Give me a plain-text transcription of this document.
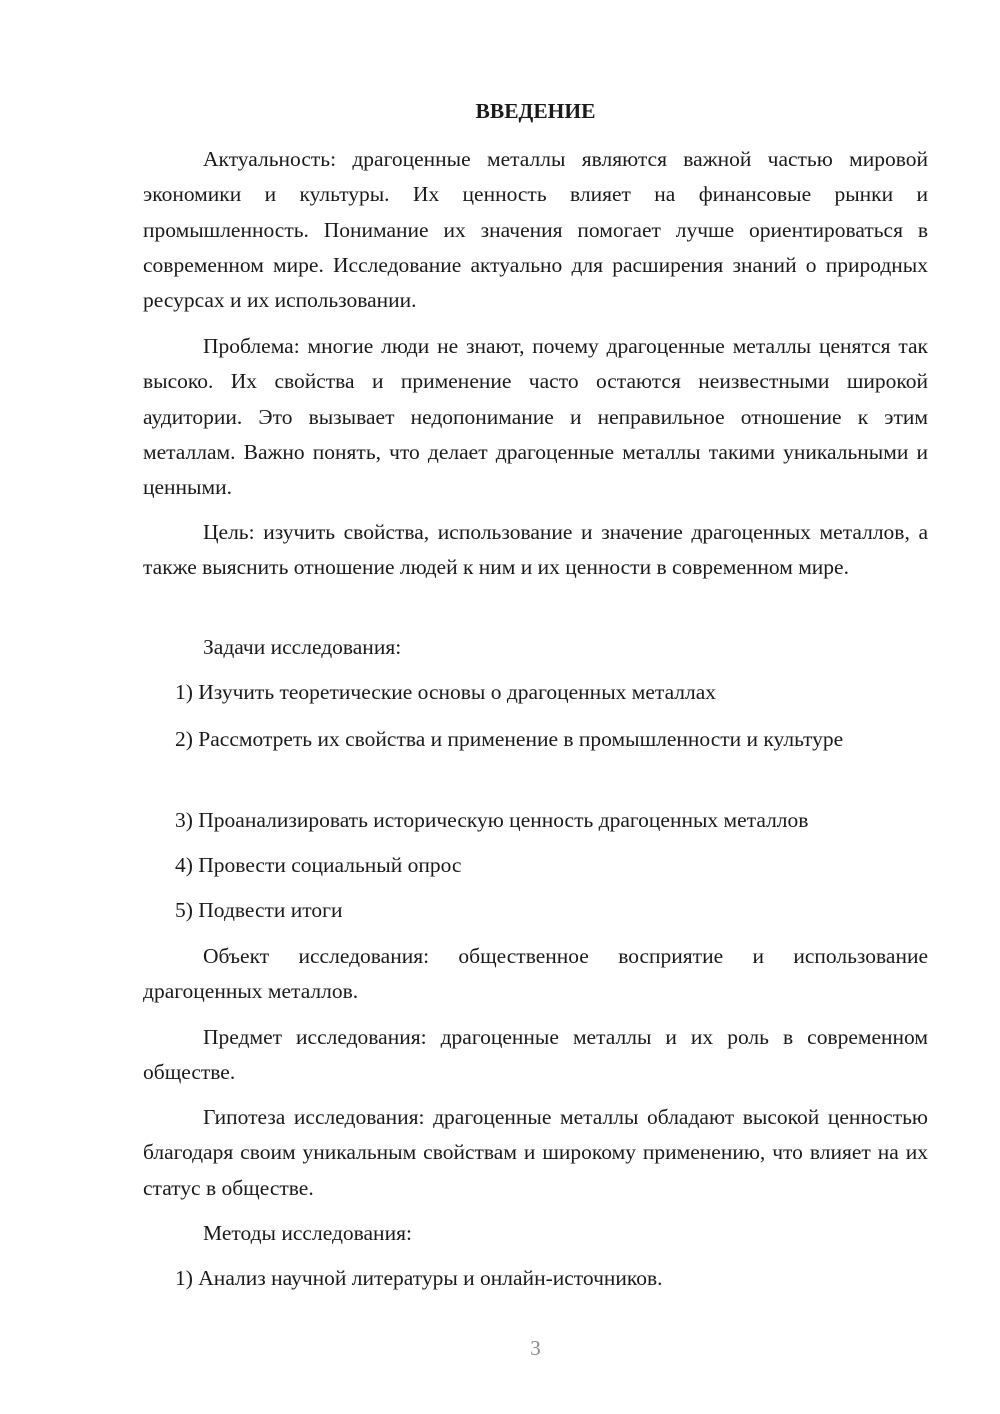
ВВЕДЕНИЕ
Актуальность: драгоценные металлы являются важной частью мировой экономики и культуры. Их ценность влияет на финансовые рынки и промышленность. Понимание их значения помогает лучше ориентироваться в современном мире. Исследование актуально для расширения знаний о природных ресурсах и их использовании.
Проблема: многие люди не знают, почему драгоценные металлы ценятся так высоко. Их свойства и применение часто остаются неизвестными широкой аудитории. Это вызывает недопонимание и неправильное отношение к этим металлам. Важно понять, что делает драгоценные металлы такими уникальными и ценными.
Цель: изучить свойства, использование и значение драгоценных металлов, а также выяснить отношение людей к ним и их ценности в современном мире.
Задачи исследования:
1) Изучить теоретические основы о драгоценных металлах
2) Рассмотреть их свойства и применение в промышленности и культуре
3) Проанализировать историческую ценность драгоценных металлов
4) Провести социальный опрос
5) Подвести итоги
Объект исследования: общественное восприятие и использование драгоценных металлов.
Предмет исследования: драгоценные металлы и их роль в современном обществе.
Гипотеза исследования: драгоценные металлы обладают высокой ценностью благодаря своим уникальным свойствам и широкому применению, что влияет на их статус в обществе.
Методы исследования:
1) Анализ научной литературы и онлайн-источников.
3
